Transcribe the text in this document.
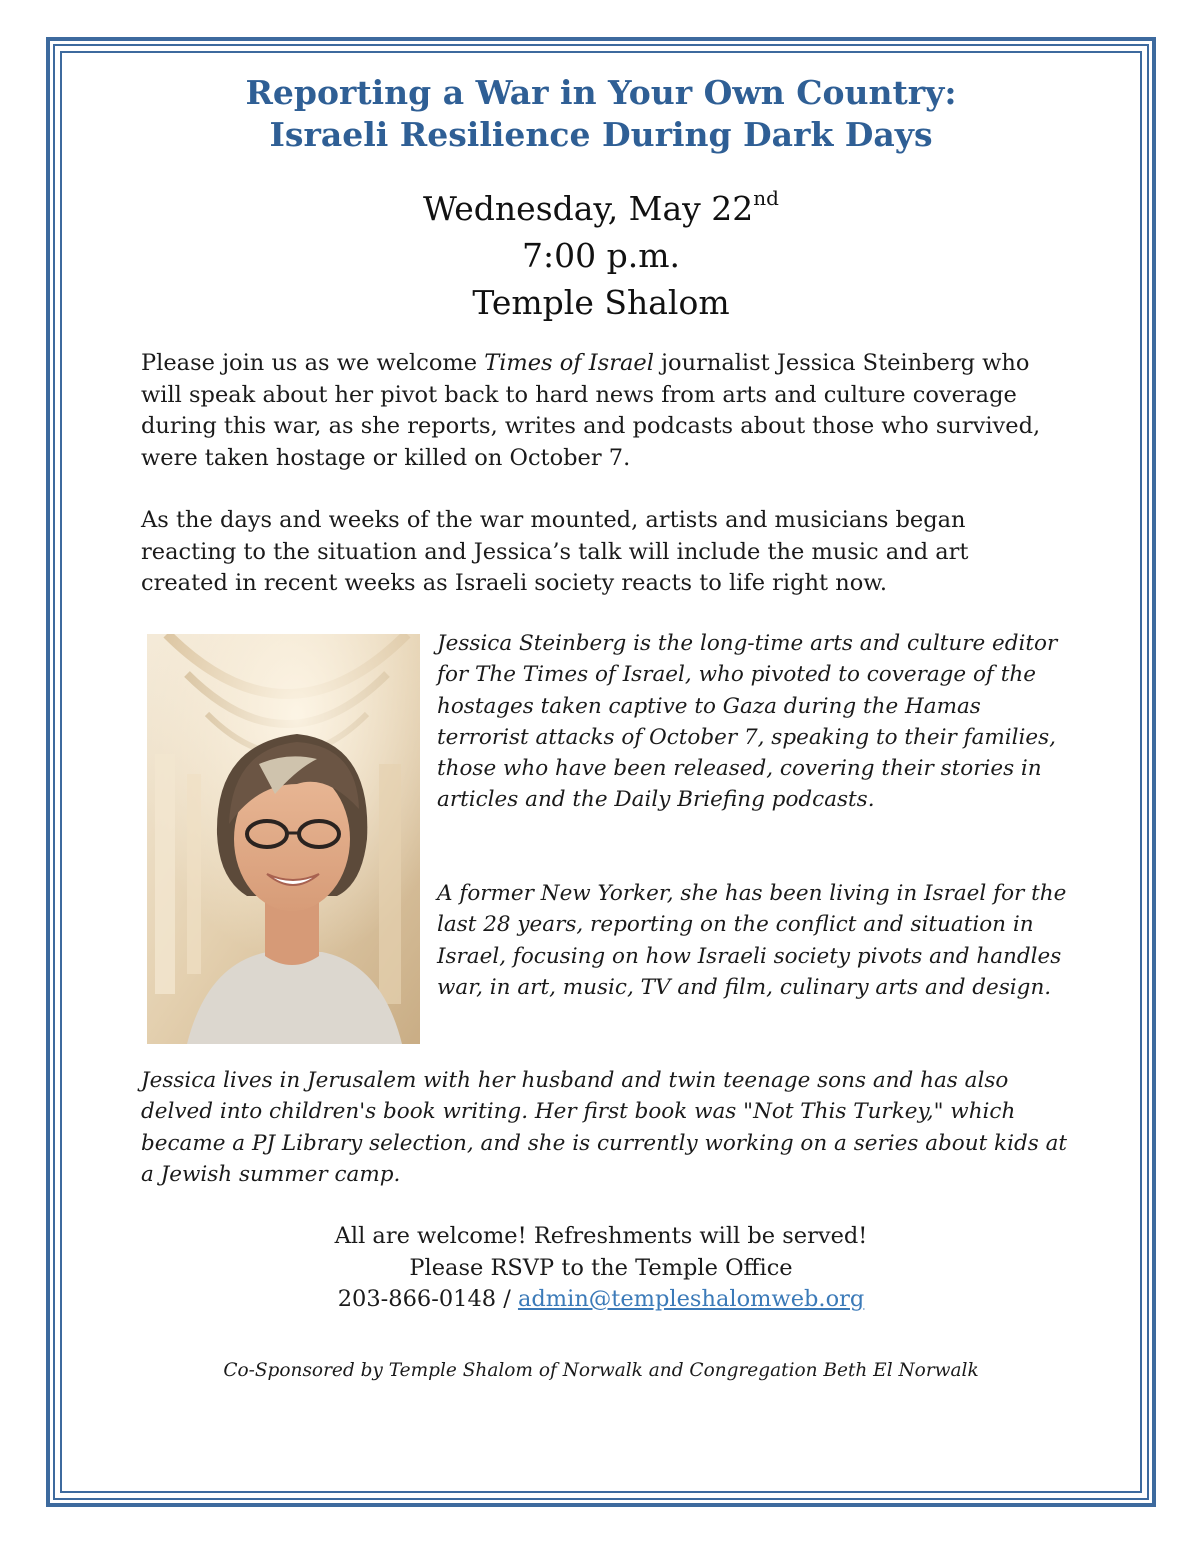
Reporting a War in Your Own Country:
Israeli Resilience During Dark Days
Wednesday, May 22nd
7:00 p.m.
Temple Shalom

Please join us as we welcome Times of Israel journalist Jessica Steinberg who will speak about her pivot back to hard news from arts and culture coverage during this war, as she reports, writes and podcasts about those who survived, were taken hostage or killed on October 7.

As the days and weeks of the war mounted, artists and musicians began reacting to the situation and Jessica’s talk will include the music and art created in recent weeks as Israeli society reacts to life right now.

Jessica Steinberg is the long-time arts and culture editor for The Times of Israel, who pivoted to coverage of the hostages taken captive to Gaza during the Hamas terrorist attacks of October 7, speaking to their families, those who have been released, covering their stories in articles and the Daily Briefing podcasts.

A former New Yorker, she has been living in Israel for the last 28 years, reporting on the conflict and situation in Israel, focusing on how Israeli society pivots and handles war, in art, music, TV and film, culinary arts and design.

Jessica lives in Jerusalem with her husband and twin teenage sons and has also delved into children's book writing. Her first book was "Not This Turkey," which became a PJ Library selection, and she is currently working on a series about kids at a Jewish summer camp.

All are welcome! Refreshments will be served!
Please RSVP to the Temple Office
203-866-0148 / admin@templeshalomweb.org
Co-Sponsored by Temple Shalom of Norwalk and Congregation Beth El Norwalk
